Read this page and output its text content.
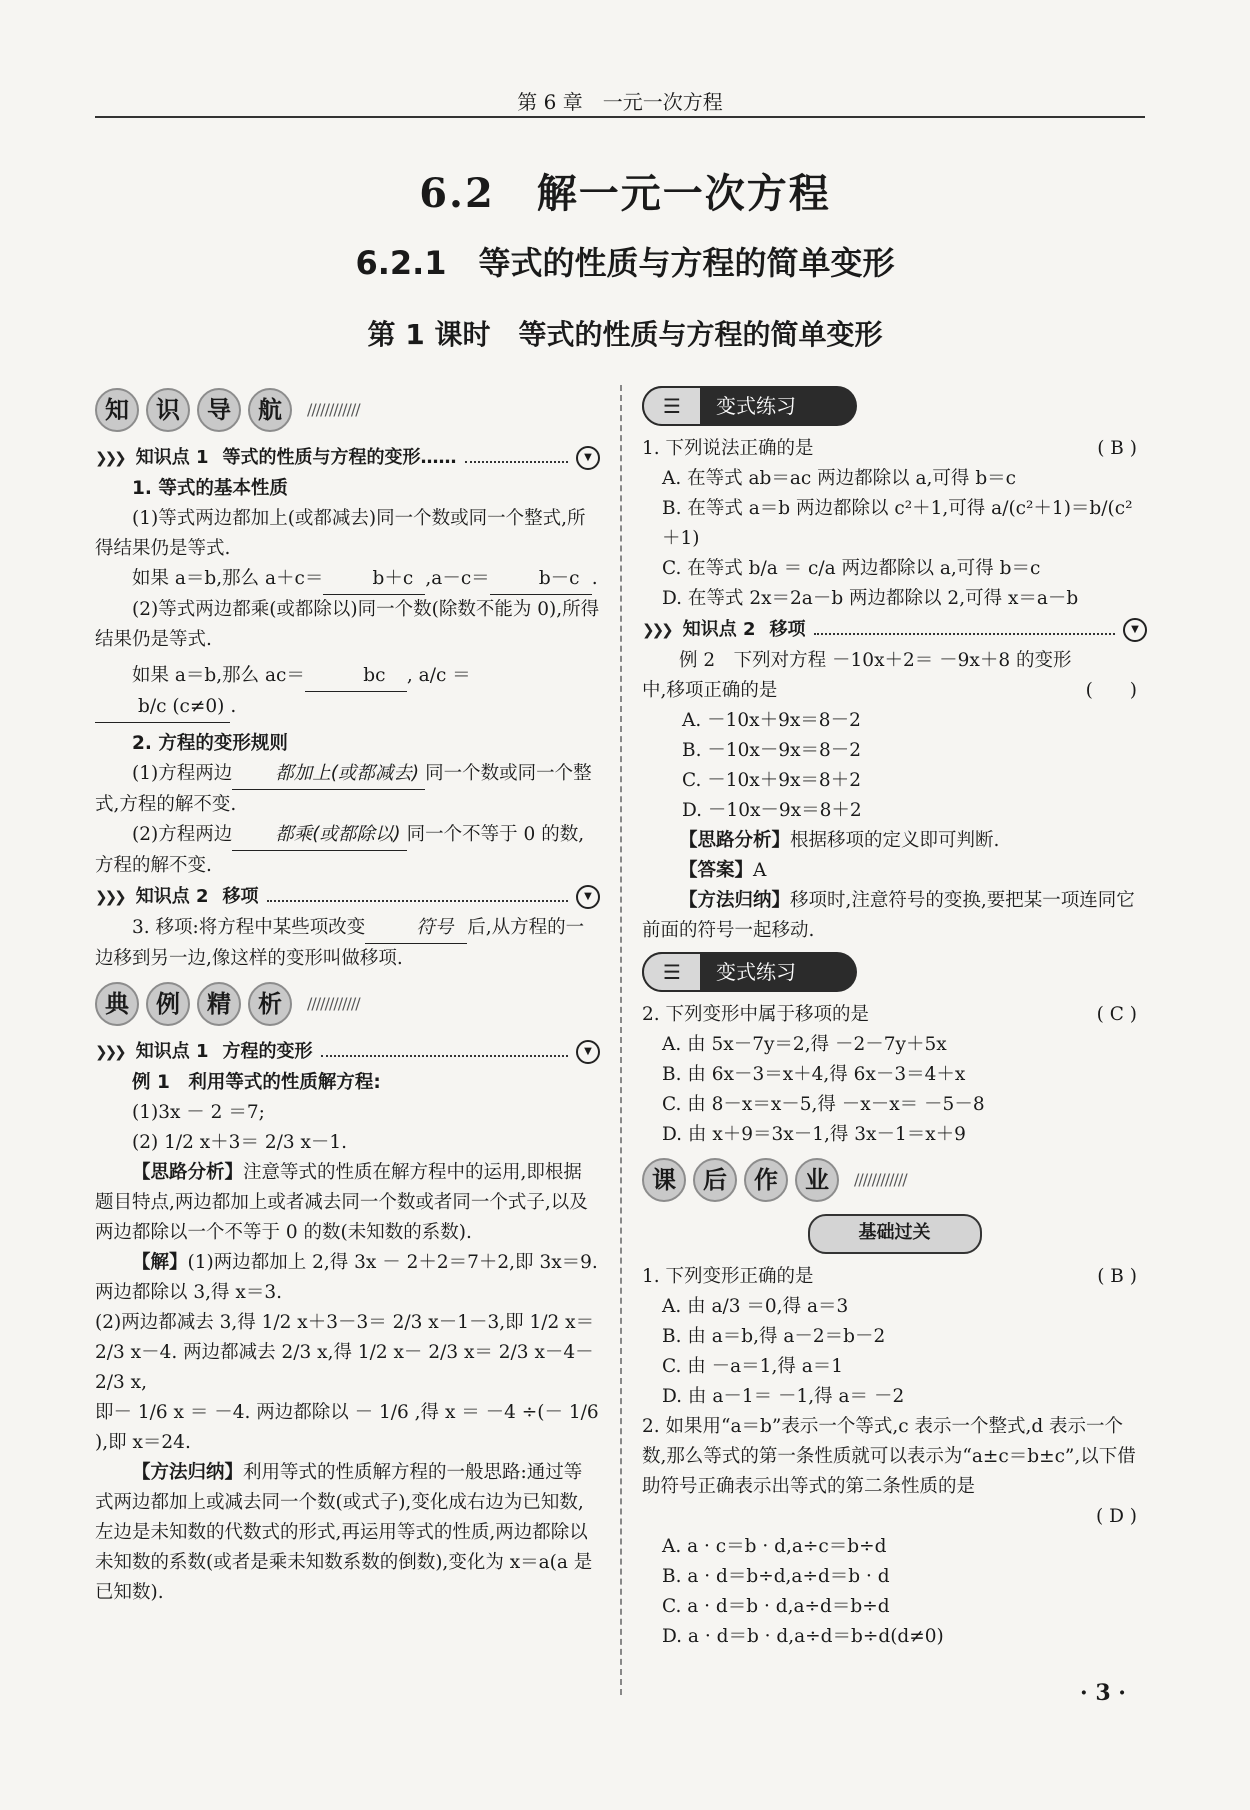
第 6 章　一元一次方程
6.2　解一元一次方程
6.2.1　等式的性质与方程的简单变形
第 1 课时　等式的性质与方程的简单变形
知	识	导	航	////////////
❯❯❯ 知识点 1 等式的性质与方程的变形……	▼

1. 等式的基本性质

(1)等式两边都加上(或都减去)同一个数或同一个整式,所得结果仍是等式.

如果 a＝b,那么 a＋c＝	b＋c ,a－c＝	b－c .

(2)等式两边都乘(或都除以)同一个数(除数不能为 0),所得结果仍是等式.

如果 a＝b,那么 ac＝	bc , a/c ＝b/c (c≠0) .

2. 方程的变形规则

(1)方程两边 都加上(或都减去) 同一个数或同一个整式,方程的解不变.

(2)方程两边 都乘(或都除以) 同一个不等于 0 的数,方程的解不变.

❯❯❯ 知识点 2 移项	▼

3. 移项:将方程中某些项改变	符号 后,从方程的一边移到另一边,像这样的变形叫做移项.

典	例	精	析	////////////
❯❯❯ 知识点 1 方程的变形	▼

例 1　利用等式的性质解方程:

(1)3x － 2 ＝7;

(2) 1/2 x＋3＝ 2/3 x－1.

【思路分析】注意等式的性质在解方程中的运用,即根据题目特点,两边都加上或者减去同一个数或者同一个式子,以及两边都除以一个不等于 0 的数(未知数的系数).

【解】(1)两边都加上 2,得 3x － 2＋2＝7＋2,即 3x＝9. 两边都除以 3,得 x＝3.

(2)两边都减去 3,得 1/2 x＋3－3＝ 2/3 x－1－3,即 1/2 x＝ 2/3 x－4. 两边都减去 2/3 x,得 1/2 x－ 2/3 x＝ 2/3 x－4－ 2/3 x,

即－ 1/6 x ＝ －4. 两边都除以 － 1/6 ,得 x ＝ －4 ÷(－ 1/6 ),即 x＝24.

【方法归纳】利用等式的性质解方程的一般思路:通过等式两边都加上或减去同一个数(或式子),变化成右边为已知数,左边是未知数的代数式的形式,再运用等式的性质,两边都除以未知数的系数(或者是乘未知数系数的倒数),变化为 x＝a(a 是已知数).

☰	变式练习
1. 下列说法正确的是	( B )

A. 在等式 ab＝ac 两边都除以 a,可得 b＝c

B. 在等式 a＝b 两边都除以 c²＋1,可得 a/(c²＋1)＝b/(c²＋1)

C. 在等式 b/a ＝ c/a 两边都除以 a,可得 b＝c

D. 在等式 2x＝2a－b 两边都除以 2,可得 x＝a－b

❯❯❯ 知识点 2 移项	▼
例 2　下列对方程 －10x＋2＝ －9x＋8 的变形中,移项正确的是	(　　)

A. －10x＋9x＝8－2

B. －10x－9x＝8－2

C. －10x＋9x＝8＋2

D. －10x－9x＝8＋2

【思路分析】根据移项的定义即可判断.

【答案】A

【方法归纳】移项时,注意符号的变换,要把某一项连同它前面的符号一起移动.

☰	变式练习
2. 下列变形中属于移项的是	( C )

A. 由 5x－7y＝2,得 －2－7y＋5x

B. 由 6x－3＝x＋4,得 6x－3＝4＋x

C. 由 8－x＝x－5,得 －x－x＝ －5－8

D. 由 x＋9＝3x－1,得 3x－1＝x＋9

课	后	作	业	////////////
基础过关
1. 下列变形正确的是	( B )

A. 由 a/3 ＝0,得 a＝3

B. 由 a＝b,得 a－2＝b－2

C. 由 －a＝1,得 a＝1

D. 由 a－1＝ －1,得 a＝ －2

2. 如果用“a＝b”表示一个等式,c 表示一个整式,d 表示一个数,那么等式的第一条性质就可以表示为“a±c＝b±c”,以下借助符号正确表示出等式的第二条性质的是

( D )

A. a · c＝b · d,a÷c＝b÷d

B. a · d＝b÷d,a÷d＝b · d

C. a · d＝b · d,a÷d＝b÷d

D. a · d＝b · d,a÷d＝b÷d(d≠0)

· 3 ·
